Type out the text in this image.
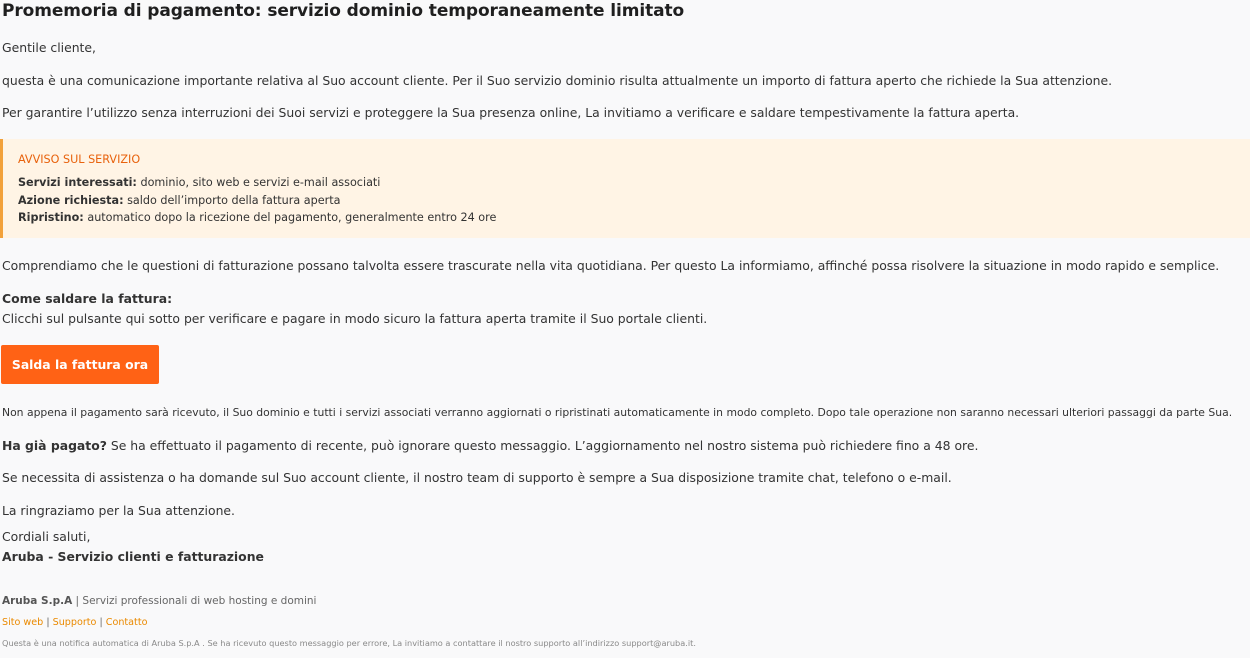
Promemoria di pagamento: servizio dominio temporaneamente limitato
Gentile cliente,
questa è una comunicazione importante relativa al Suo account cliente. Per il Suo servizio dominio risulta attualmente un importo di fattura aperto che richiede la Sua attenzione.
Per garantire l’utilizzo senza interruzioni dei Suoi servizi e proteggere la Sua presenza online, La invitiamo a verificare e saldare tempestivamente la fattura aperta.
AVVISO SUL SERVIZIO
Servizi interessati: dominio, sito web e servizi e-mail associati
Azione richiesta: saldo dell’importo della fattura aperta
Ripristino: automatico dopo la ricezione del pagamento, generalmente entro 24 ore
Comprendiamo che le questioni di fatturazione possano talvolta essere trascurate nella vita quotidiana. Per questo La informiamo, affinché possa risolvere la situazione in modo rapido e semplice.
Come saldare la fattura:
Clicchi sul pulsante qui sotto per verificare e pagare in modo sicuro la fattura aperta tramite il Suo portale clienti.
Salda la fattura ora
Non appena il pagamento sarà ricevuto, il Suo dominio e tutti i servizi associati verranno aggiornati o ripristinati automaticamente in modo completo. Dopo tale operazione non saranno necessari ulteriori passaggi da parte Sua.
Ha già pagato? Se ha effettuato il pagamento di recente, può ignorare questo messaggio. L’aggiornamento nel nostro sistema può richiedere fino a 48 ore.
Se necessita di assistenza o ha domande sul Suo account cliente, il nostro team di supporto è sempre a Sua disposizione tramite chat, telefono o e-mail.
La ringraziamo per la Sua attenzione.
Cordiali saluti,
Aruba - Servizio clienti e fatturazione
Aruba S.p.A | Servizi professionali di web hosting e domini
Sito web | Supporto | Contatto
Questa è una notifica automatica di Aruba S.p.A . Se ha ricevuto questo messaggio per errore, La invitiamo a contattare il nostro supporto all’indirizzo support@aruba.it.
